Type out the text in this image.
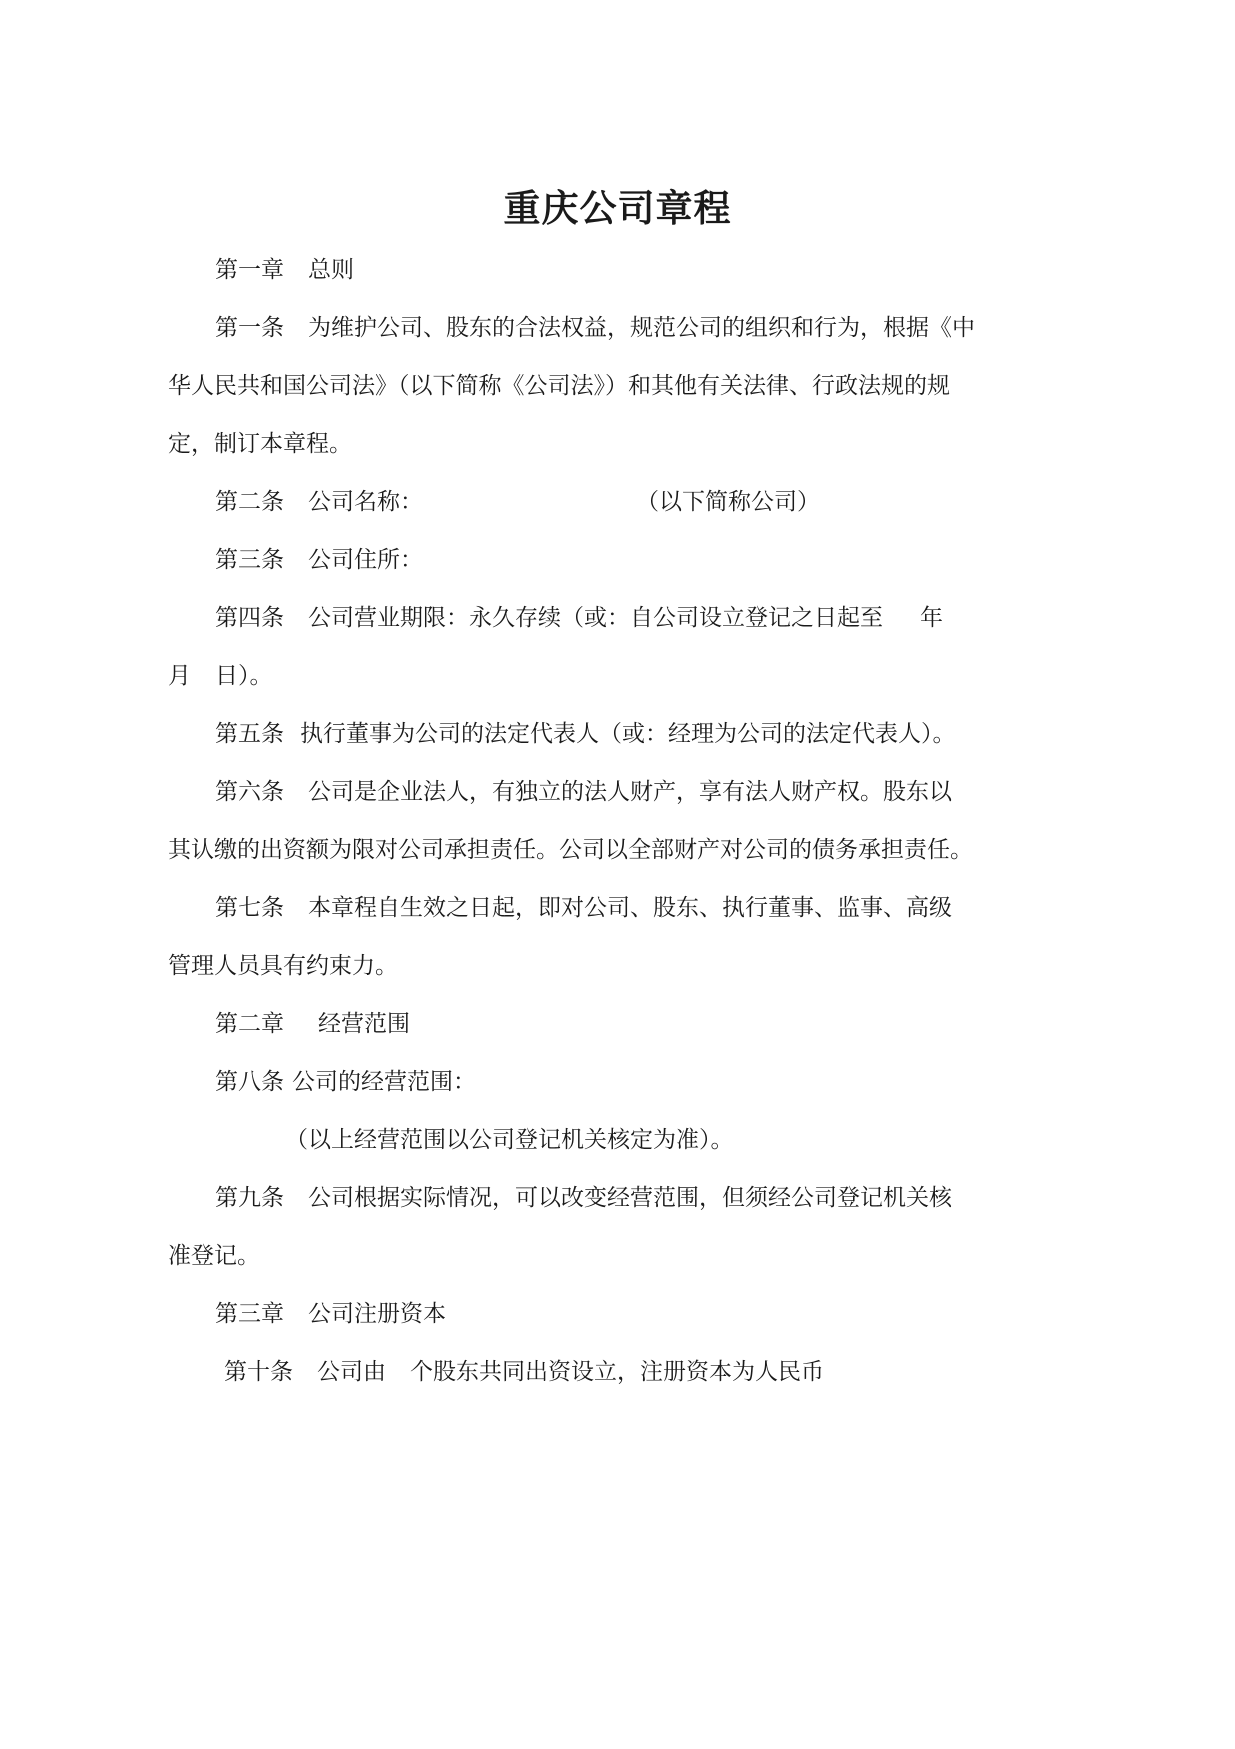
重庆公司章程
第一章 总则
第一条 为维护公司、股东的合法权益，规范公司的组织和行为，根据《中
华人民共和国公司法》（以下简称《公司法》）和其他有关法律、行政法规的规
定，制订本章程。
第二条 公司名称：	（以下简称公司）
第三条 公司住所：
第四条 公司营业期限：永久存续（或：自公司设立登记之日起至 年
月 日）。
第五条 执行董事为公司的法定代表人（或：经理为公司的法定代表人）。
第六条 公司是企业法人，有独立的法人财产，享有法人财产权。股东以
其认缴的出资额为限对公司承担责任。公司以全部财产对公司的债务承担责任。
第七条 本章程自生效之日起，即对公司、股东、执行董事、监事、高级
管理人员具有约束力。
第二章 经营范围
第八条 公司的经营范围：
（以上经营范围以公司登记机关核定为准）。
第九条 公司根据实际情况，可以改变经营范围，但须经公司登记机关核
准登记。
第三章 公司注册资本
第十条 公司由 个股东共同出资设立，注册资本为人民币
